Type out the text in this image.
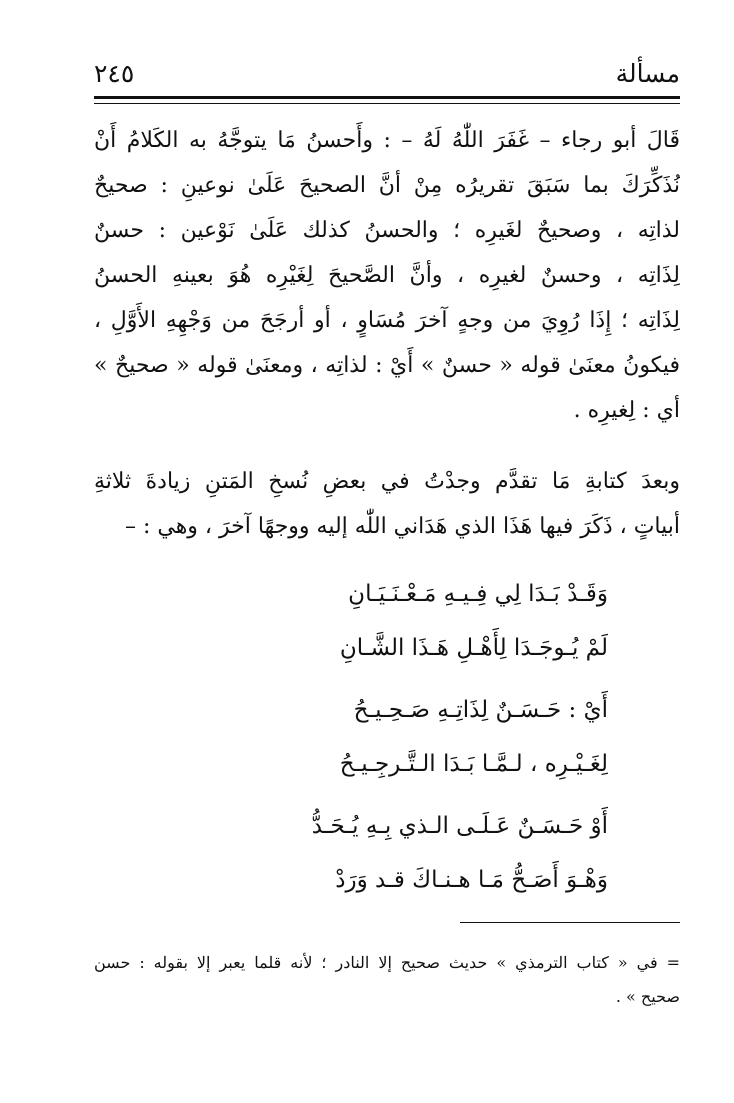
مسألة
٢٤٥
قَالَ أبو رجاء – غَفَرَ اللّٰهُ لَهُ – : وأَحسنُ مَا يتوجَّهُ به الكَلامُ أَنْ
نُذَكِّرَكَ بما سَبَقَ تقريرُه مِنْ أنَّ الصحيحَ عَلَىٰ نوعينِ : صحيحٌ
لذاتِه ، وصحيحٌ لغَيرِه ؛ والحسنُ كذلك عَلَىٰ نَوْعين : حسنٌ
لِذَاتِه ، وحسنٌ لغيرِه ، وأنَّ الصَّحيحَ لِغَيْرِه هُوَ بعينهِ الحسنُ
لِذَاتِه ؛ إِذَا رُوِيَ من وجهٍ آخرَ مُسَاوٍ ، أو أرجَحَ من وَجْهِهِ الأَوَّلِ ،
فيكونُ معنَىٰ قوله « حسنٌ » أَيْ : لذاتِه ، ومعنَىٰ قوله « صحيحٌ »
أي : لِغيرِه .
وبعدَ كتابةِ مَا تقدَّم وجدْتُ في بعضِ نُسخِ المَتنِ زيادةَ ثلاثةِ
أبياتٍ ، ذَكَرَ فيها هَذَا الذي هَدَاني اللّٰه إليه ووجهًا آخرَ ، وهي : –
وَقَـدْ بَـدَا لِي فِـيـهِ مَـعْـنَـيَـانِ
لَمْ يُـوجَـدَا لِأَهْـلِ هَـذَا الشَّـانِ
أَيْ : حَـسَـنٌ لِذَاتِـهِ صَـحِـيـحُ
لِغَـيْـرِه ، لـمَّـا بَـدَا الـتَّـرجِـيـحُ
أَوْ حَـسَـنٌ عَـلَـى الـذي بِـهِ يُـحَـدُّ
وَهْـوَ أَصَـحُّ مَـا هـنـاكَ قـد وَرَدْ
= في « كتاب الترمذي » حديث صحيح إلا النادر ؛ لأنه قلما يعبر إلا بقوله : حسن
صحيح » .
